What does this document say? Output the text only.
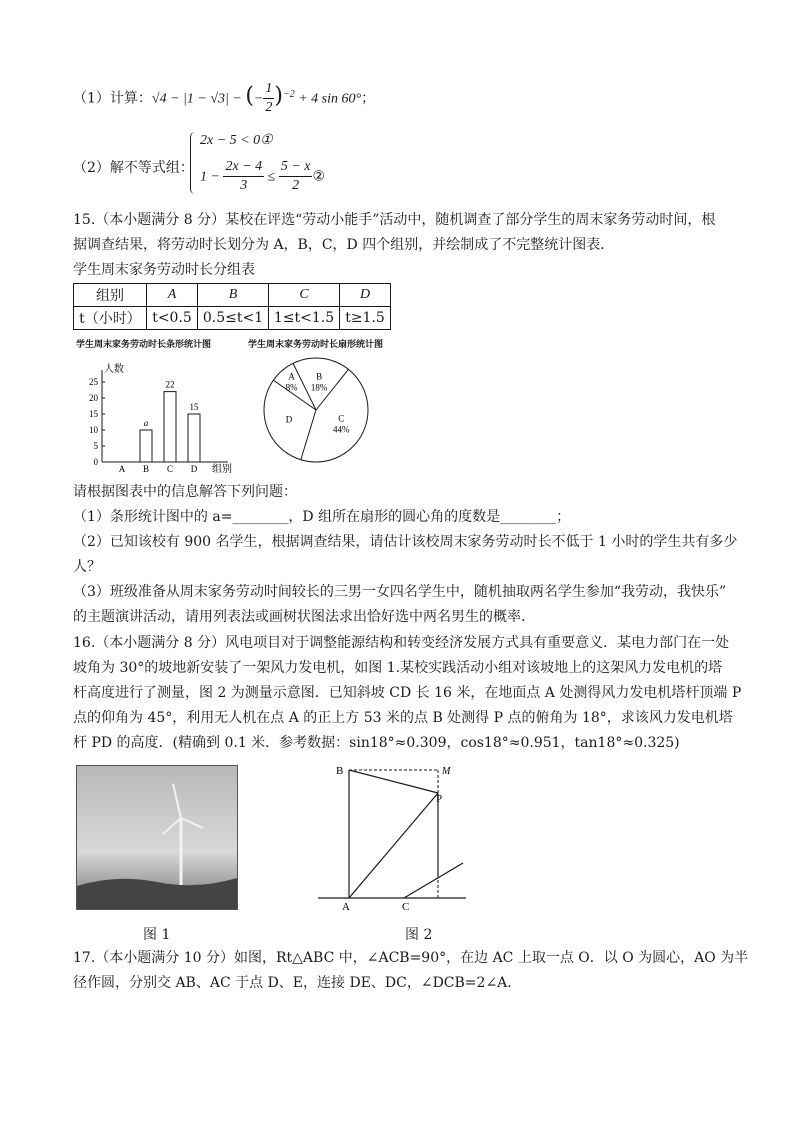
（1）计算：√4 − |1 − √3| − (− $\frac{1}{2} )^{-2} + 4$ sin 60°；
（2）解不等式组：
2x − 5 < 0①
$1 - \frac{2x - 4}{3} \le \frac{5 - x}{2}$ ②
15.（本小题满分 8 分）某校在评选“劳动小能手”活动中，随机调查了部分学生的周末家务劳动时间，根
据调查结果，将劳动时长划分为 A，B，C，D 四个组别，并绘制成了不完整统计图表．
学生周末家务劳动时长分组表
组别	A	B	C	D
t（小时）	t<0.5	0.5≤t<1	1≤t<1.5	t≥1.5
学生周末家务劳动时长条形统计图	学生周末家务劳动时长扇形统计图
0
5
10
15
20
25
人数
组别
A B
a
C
22
D
15
A
8%
B
18%
C
44%
D
请根据图表中的信息解答下列问题：
（1）条形统计图中的 a=________，D 组所在扇形的圆心角的度数是________；
（2）已知该校有 900 名学生，根据调查结果，请估计该校周末家务劳动时长不低于 1 小时的学生共有多少
人？
（3）班级准备从周末家务劳动时间较长的三男一女四名学生中，随机抽取两名学生参加“我劳动，我快乐”
的主题演讲活动，请用列表法或画树状图法求出恰好选中两名男生的概率．
16.（本小题满分 8 分）风电项目对于调整能源结构和转变经济发展方式具有重要意义．某电力部门在一处
坡角为 30°的坡地新安装了一架风力发电机，如图 1.某校实践活动小组对该坡地上的这架风力发电机的塔
杆高度进行了测量，图 2 为测量示意图．已知斜坡 CD 长 16 米，在地面点 A 处测得风力发电机塔杆顶端 P
点的仰角为 45°，利用无人机在点 A 的正上方 53 米的点 B 处测得 P 点的俯角为 18°，求该风力发电机塔
杆 PD 的高度．(精确到 0.1 米．参考数据：sin18°≈0.309，cos18°≈0.951，tan18°≈0.325)
图 1
B	M
P
A	C
图 2
17.（本小题满分 10 分）如图，Rt△ABC 中，∠ACB=90°，在边 AC 上取一点 O．以 O 为圆心，AO 为半
径作圆，分别交 AB、AC 于点 D、E，连接 DE、DC，∠DCB=2∠A．
